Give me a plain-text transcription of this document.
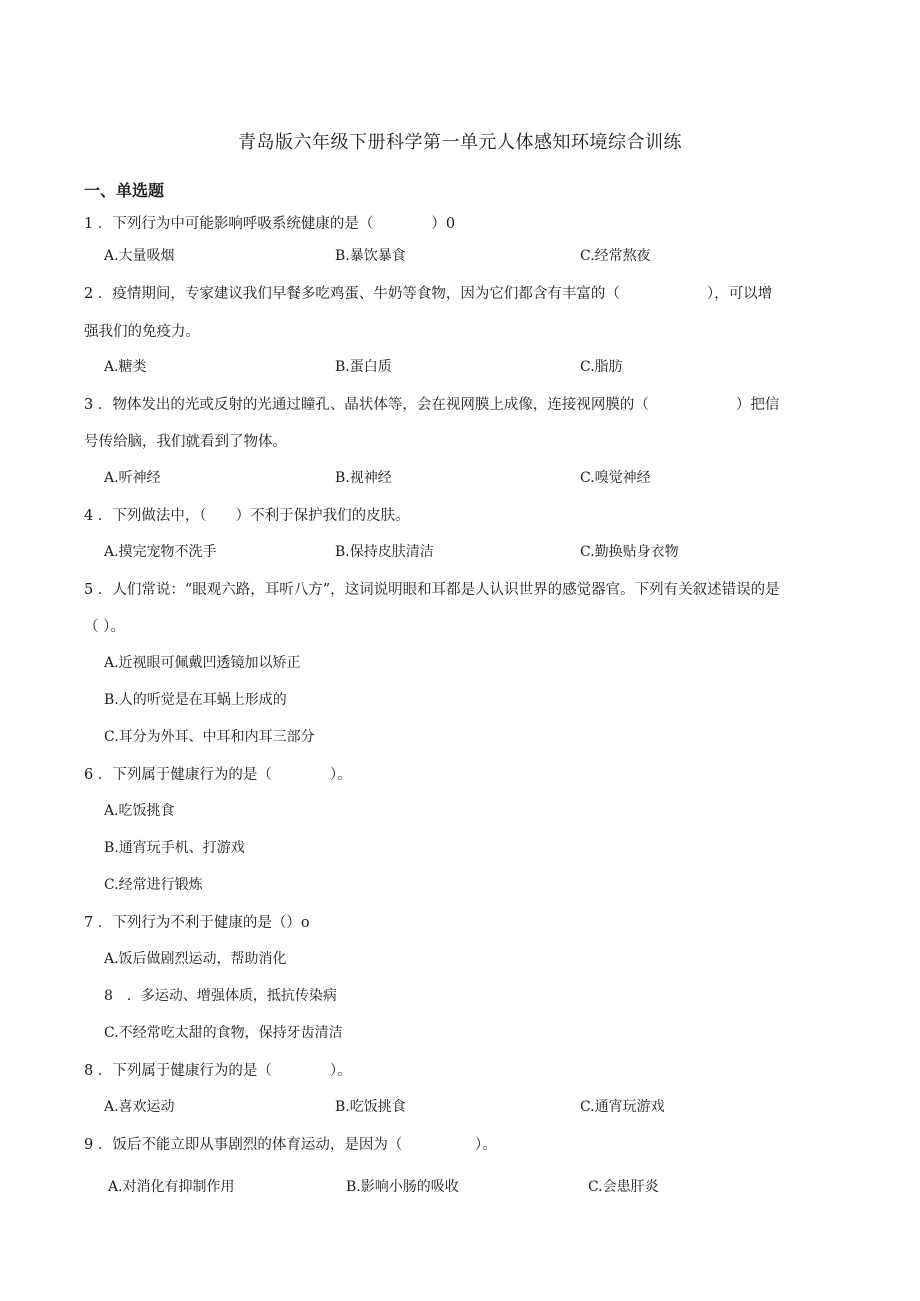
青岛版六年级下册科学第一单元人体感知环境综合训练
一、单选题
1 ．下列行为中可能影响呼吸系统健康的是（　　　　）0
A.大量吸烟	B.暴饮暴食	C.经常熬夜
2 ．疫情期间，专家建议我们早餐多吃鸡蛋、牛奶等食物，因为它们都含有丰富的（　　　　　　），可以增
强我们的免疫力。
A.糖类	B.蛋白质	C.脂肪
3 ．物体发出的光或反射的光通过瞳孔、晶状体等，会在视网膜上成像，连接视网膜的（　　　　　　）把信
号传给脑，我们就看到了物体。
A.听神经	B.视神经	C.嗅觉神经
4 ．下列做法中，（　　）不利于保护我们的皮肤。
A.摸完宠物不洗手	B.保持皮肤清洁	C.勤换贴身衣物
5 ．人们常说：“眼观六路，耳听八方”，这词说明眼和耳都是人认识世界的感觉器官。下列有关叙述错误的是
（ ）。
A.近视眼可佩戴凹透镜加以矫正
B.人的听觉是在耳蜗上形成的
C.耳分为外耳、中耳和内耳三部分
6 ．下列属于健康行为的是（　　　　）。
A.吃饭挑食
B.通宵玩手机、打游戏
C.经常进行锻炼
7 ．下列行为不利于健康的是（）o
A.饭后做剧烈运动，帮助消化
8　．多运动、增强体质，抵抗传染病
C.不经常吃太甜的食物，保持牙齿清洁
8 ．下列属于健康行为的是（　　　　）。
A.喜欢运动	B.吃饭挑食	C.通宵玩游戏
9 ．饭后不能立即从事剧烈的体育运动，是因为（　　　　　）。
A.对消化有抑制作用	B.影响小肠的吸收	C.会患肝炎
